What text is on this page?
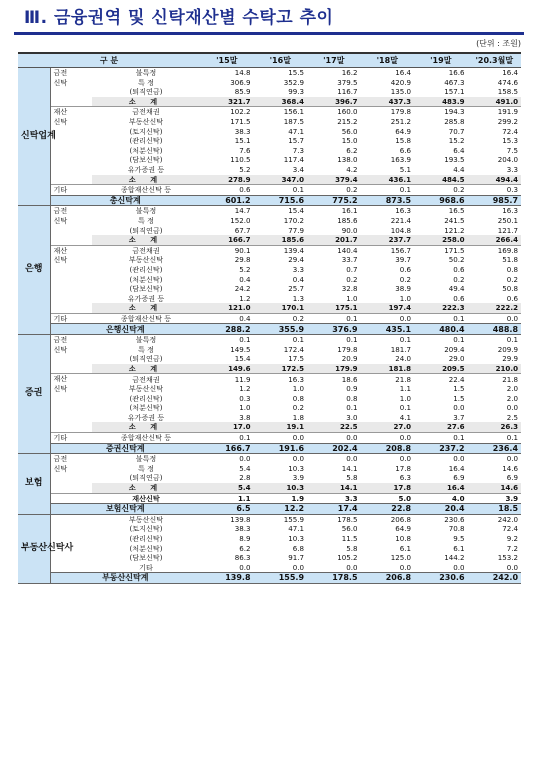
Ⅲ. 금융권역 및 신탁재산별 수탁고 추이
(단위 : 조원)
구 분			'15말	'16말	'17말	'18말	'19말	'20.3월말
신탁업계	금전	불특정	14.8	15.5	16.2	16.4	16.6	16.4
	신탁	특 정	306.9	352.9	379.5	420.9	467.3	474.6
		(퇴직연금)	85.9	99.3	116.7	135.0	157.1	158.5
		소 계	321.7	368.4	396.7	437.3	483.9	491.0
	재산	금전채권	102.2	156.1	160.0	179.8	194.3	191.9
	신탁	부동산신탁	171.5	187.5	215.2	251.2	285.8	299.2
		(토지신탁)	38.3	47.1	56.0	64.9	70.7	72.4
		(관리신탁)	15.1	15.7	15.0	15.8	15.2	15.3
		(처분신탁)	7.6	7.3	6.2	6.6	6.4	7.5
		(담보신탁)	110.5	117.4	138.0	163.9	193.5	204.0
		유가증권 등	5.2	3.4	4.2	5.1	4.4	3.3
		소 계	278.9	347.0	379.4	436.1	484.5	494.4
	기타	종합재산신탁 등	0.6	0.1	0.2	0.1	0.2	0.3
	총신탁계		601.2	715.6	775.2	873.5	968.6	985.7
은행	금전	불특정	14.7	15.4	16.1	16.3	16.5	16.3
	신탁	특 정	152.0	170.2	185.6	221.4	241.5	250.1
		(퇴직연금)	67.7	77.9	90.0	104.8	121.2	121.7
		소 계	166.7	185.6	201.7	237.7	258.0	266.4
	재산	금전채권	90.1	139.4	140.4	156.7	171.5	169.8
	신탁	부동산신탁	29.8	29.4	33.7	39.7	50.2	51.8
		(관리신탁)	5.2	3.3	0.7	0.6	0.6	0.8
		(처분신탁)	0.4	0.4	0.2	0.2	0.2	0.2
		(담보신탁)	24.2	25.7	32.8	38.9	49.4	50.8
		유가증권 등	1.2	1.3	1.0	1.0	0.6	0.6
		소 계	121.0	170.1	175.1	197.4	222.3	222.2
	기타	종합재산신탁 등	0.4	0.2	0.1	0.0	0.1	0.0
	은행신탁계		288.2	355.9	376.9	435.1	480.4	488.8
증권	금전	불특정	0.1	0.1	0.1	0.1	0.1	0.1
	신탁	특 정	149.5	172.4	179.8	181.7	209.4	209.9
		(퇴직연금)	15.4	17.5	20.9	24.0	29.0	29.9
		소 계	149.6	172.5	179.9	181.8	209.5	210.0
	재산	금전채권	11.9	16.3	18.6	21.8	22.4	21.8
	신탁	부동산신탁	1.2	1.0	0.9	1.1	1.5	2.0
		(관리신탁)	0.3	0.8	0.8	1.0	1.5	2.0
		(처분신탁)	1.0	0.2	0.1	0.1	0.0	0.0
		유가증권 등	3.8	1.8	3.0	4.1	3.7	2.5
		소 계	17.0	19.1	22.5	27.0	27.6	26.3
	기타	종합재산신탁 등	0.1	0.0	0.0	0.0	0.1	0.1
	증권신탁계		166.7	191.6	202.4	208.8	237.2	236.4
보험	금전	불특정	0.0	0.0	0.0	0.0	0.0	0.0
	신탁	특 정	5.4	10.3	14.1	17.8	16.4	14.6
		(퇴직연금)	2.8	3.9	5.8	6.3	6.9	6.9
		소 계	5.4	10.3	14.1	17.8	16.4	14.6
		재산신탁	1.1	1.9	3.3	5.0	4.0	3.9
	보험신탁계		6.5	12.2	17.4	22.8	20.4	18.5
부동산신탁사		부동산신탁	139.8	155.9	178.5	206.8	230.6	242.0
		(토지신탁)	38.3	47.1	56.0	64.9	70.8	72.4
		(관리신탁)	8.9	10.3	11.5	10.8	9.5	9.2
		(처분신탁)	6.2	6.8	5.8	6.1	6.1	7.2
		(담보신탁)	86.3	91.7	105.2	125.0	144.2	153.2
		기타	0.0	0.0	0.0	0.0	0.0	0.0
	부동산신탁계		139.8	155.9	178.5	206.8	230.6	242.0
